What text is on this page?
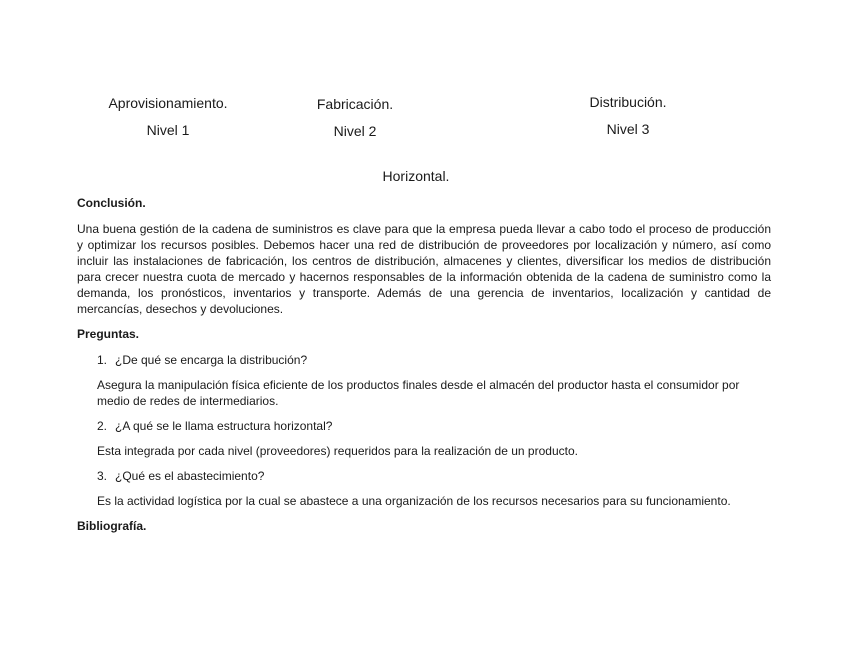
Aprovisionamiento.
Nivel 1
Fabricación.
Nivel 2
Distribución.
Nivel 3
Horizontal.
Conclusión.
Una buena gestión de la cadena de suministros es clave para que la empresa pueda llevar a cabo todo el proceso de producción y optimizar los recursos posibles. Debemos hacer una red de distribución de proveedores por localización y número, así como incluir las instalaciones de fabricación, los centros de distribución, almacenes y clientes, diversificar los medios de distribución para crecer nuestra cuota de mercado y hacernos responsables de la información obtenida de la cadena de suministro como la demanda, los pronósticos, inventarios y transporte. Además de una gerencia de inventarios, localización y cantidad de mercancías, desechos y devoluciones.
Preguntas.
1. ¿De qué se encarga la distribución?
Asegura la manipulación física eficiente de los productos finales desde el almacén del productor hasta el consumidor por medio de redes de intermediarios.
2. ¿A qué se le llama estructura horizontal?
Esta integrada por cada nivel (proveedores) requeridos para la realización de un producto.
3. ¿Qué es el abastecimiento?
Es la actividad logística por la cual se abastece a una organización de los recursos necesarios para su funcionamiento.
Bibliografía.
